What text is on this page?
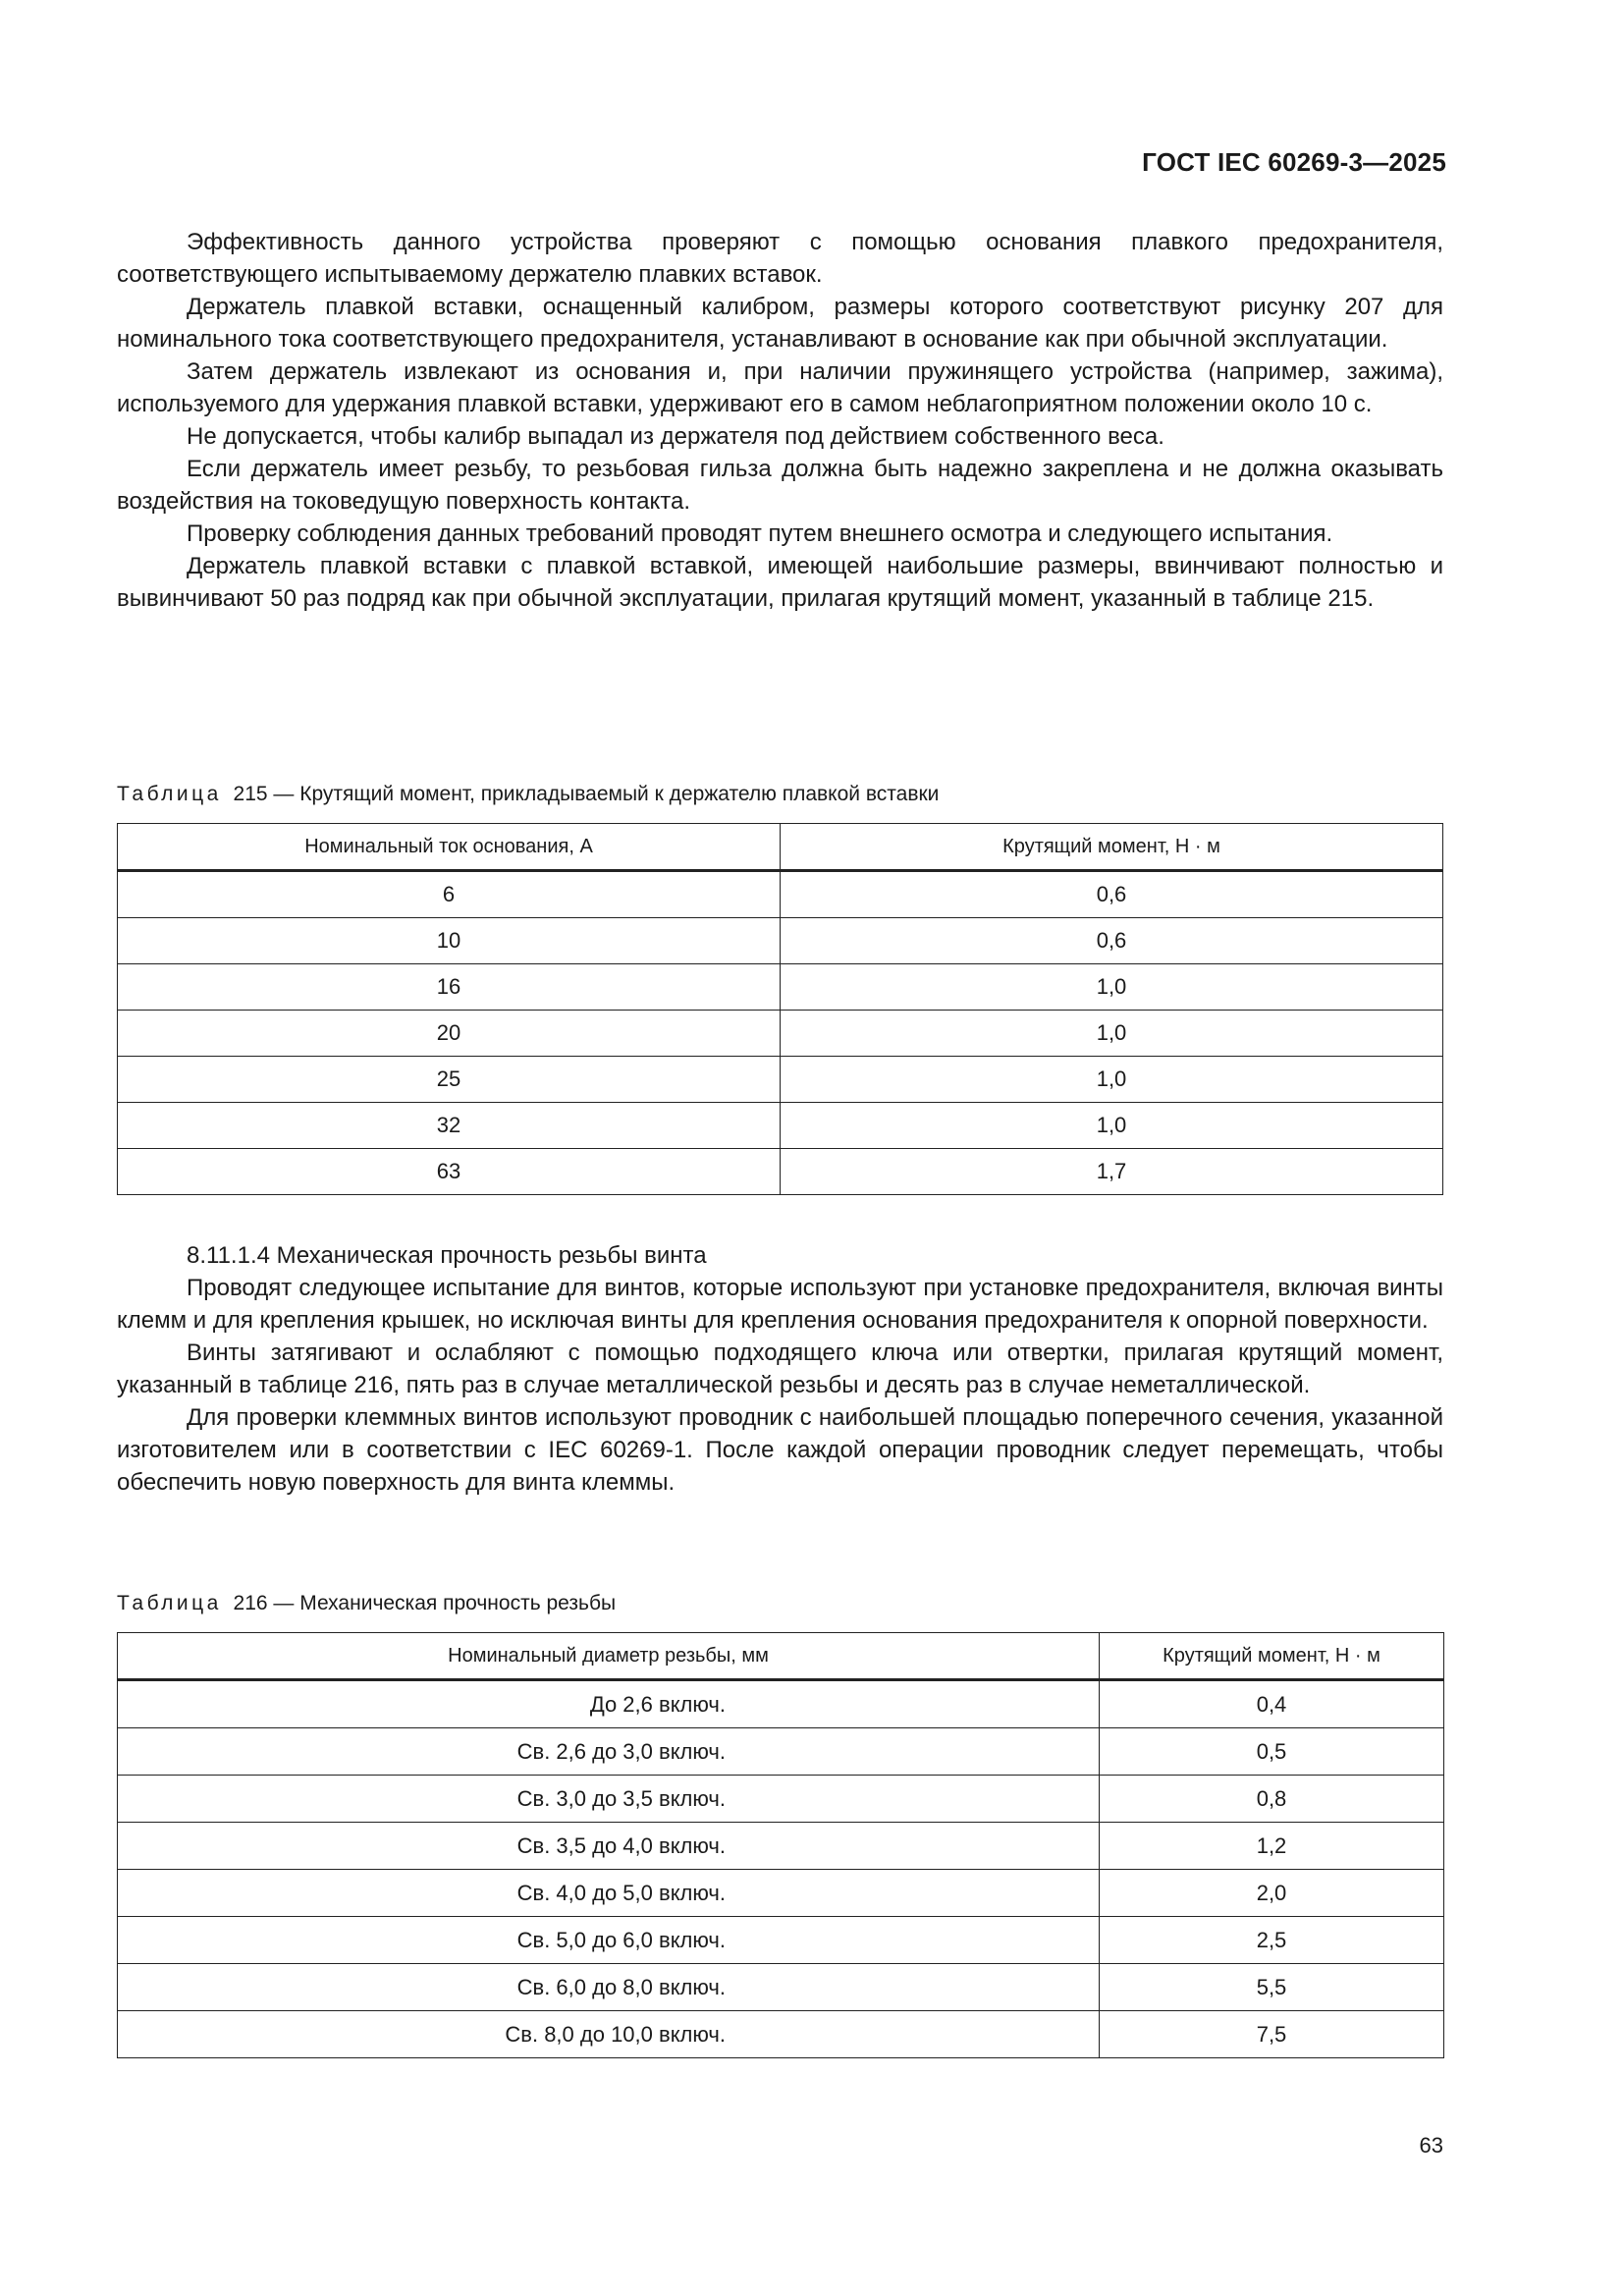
ГОСТ IEC 60269-3—2025

Эффективность данного устройства проверяют с помощью основания плавкого предохранителя, соответствующего испытываемому держателю плавких вставок.

Держатель плавкой вставки, оснащенный калибром, размеры которого соответствуют рисунку 207 для номинального тока соответствующего предохранителя, устанавливают в основание как при обычной эксплуатации.

Затем держатель извлекают из основания и, при наличии пружинящего устройства (например, зажима), используемого для удержания плавкой вставки, удерживают его в самом неблагоприятном положении около 10 с.

Не допускается, чтобы калибр выпадал из держателя под действием собственного веса.

Если держатель имеет резьбу, то резьбовая гильза должна быть надежно закреплена и не должна оказывать воздействия на токоведущую поверхность контакта.

Проверку соблюдения данных требований проводят путем внешнего осмотра и следующего испытания.

Держатель плавкой вставки с плавкой вставкой, имеющей наибольшие размеры, ввинчивают полностью и вывинчивают 50 раз подряд как при обычной эксплуатации, прилагая крутящий момент, указанный в таблице 215.

Таблица 215 — Крутящий момент, прикладываемый к держателю плавкой вставки
Номинальный ток основания, А	Крутящий момент, Н · м
6	0,6
10	0,6
16	1,0
20	1,0
25	1,0
32	1,0
63	1,7

8.11.1.4 Механическая прочность резьбы винта

Проводят следующее испытание для винтов, которые используют при установке предохранителя, включая винты клемм и для крепления крышек, но исключая винты для крепления основания предохранителя к опорной поверхности.

Винты затягивают и ослабляют с помощью подходящего ключа или отвертки, прилагая крутящий момент, указанный в таблице 216, пять раз в случае металлической резьбы и десять раз в случае неметаллической.

Для проверки клеммных винтов используют проводник с наибольшей площадью поперечного сечения, указанной изготовителем или в соответствии с IEC 60269-1. После каждой операции проводник следует перемещать, чтобы обеспечить новую поверхность для винта клеммы.

Таблица 216 — Механическая прочность резьбы
Номинальный диаметр резьбы, мм	Крутящий момент, Н · м
До 2,6 включ.	0,4
Св. 2,6 до 3,0 включ.	0,5
Св. 3,0 до 3,5 включ.	0,8
Св. 3,5 до 4,0 включ.	1,2
Св. 4,0 до 5,0 включ.	2,0
Св. 5,0 до 6,0 включ.	2,5
Св. 6,0 до 8,0 включ.	5,5
Св. 8,0 до 10,0 включ.	7,5
63
